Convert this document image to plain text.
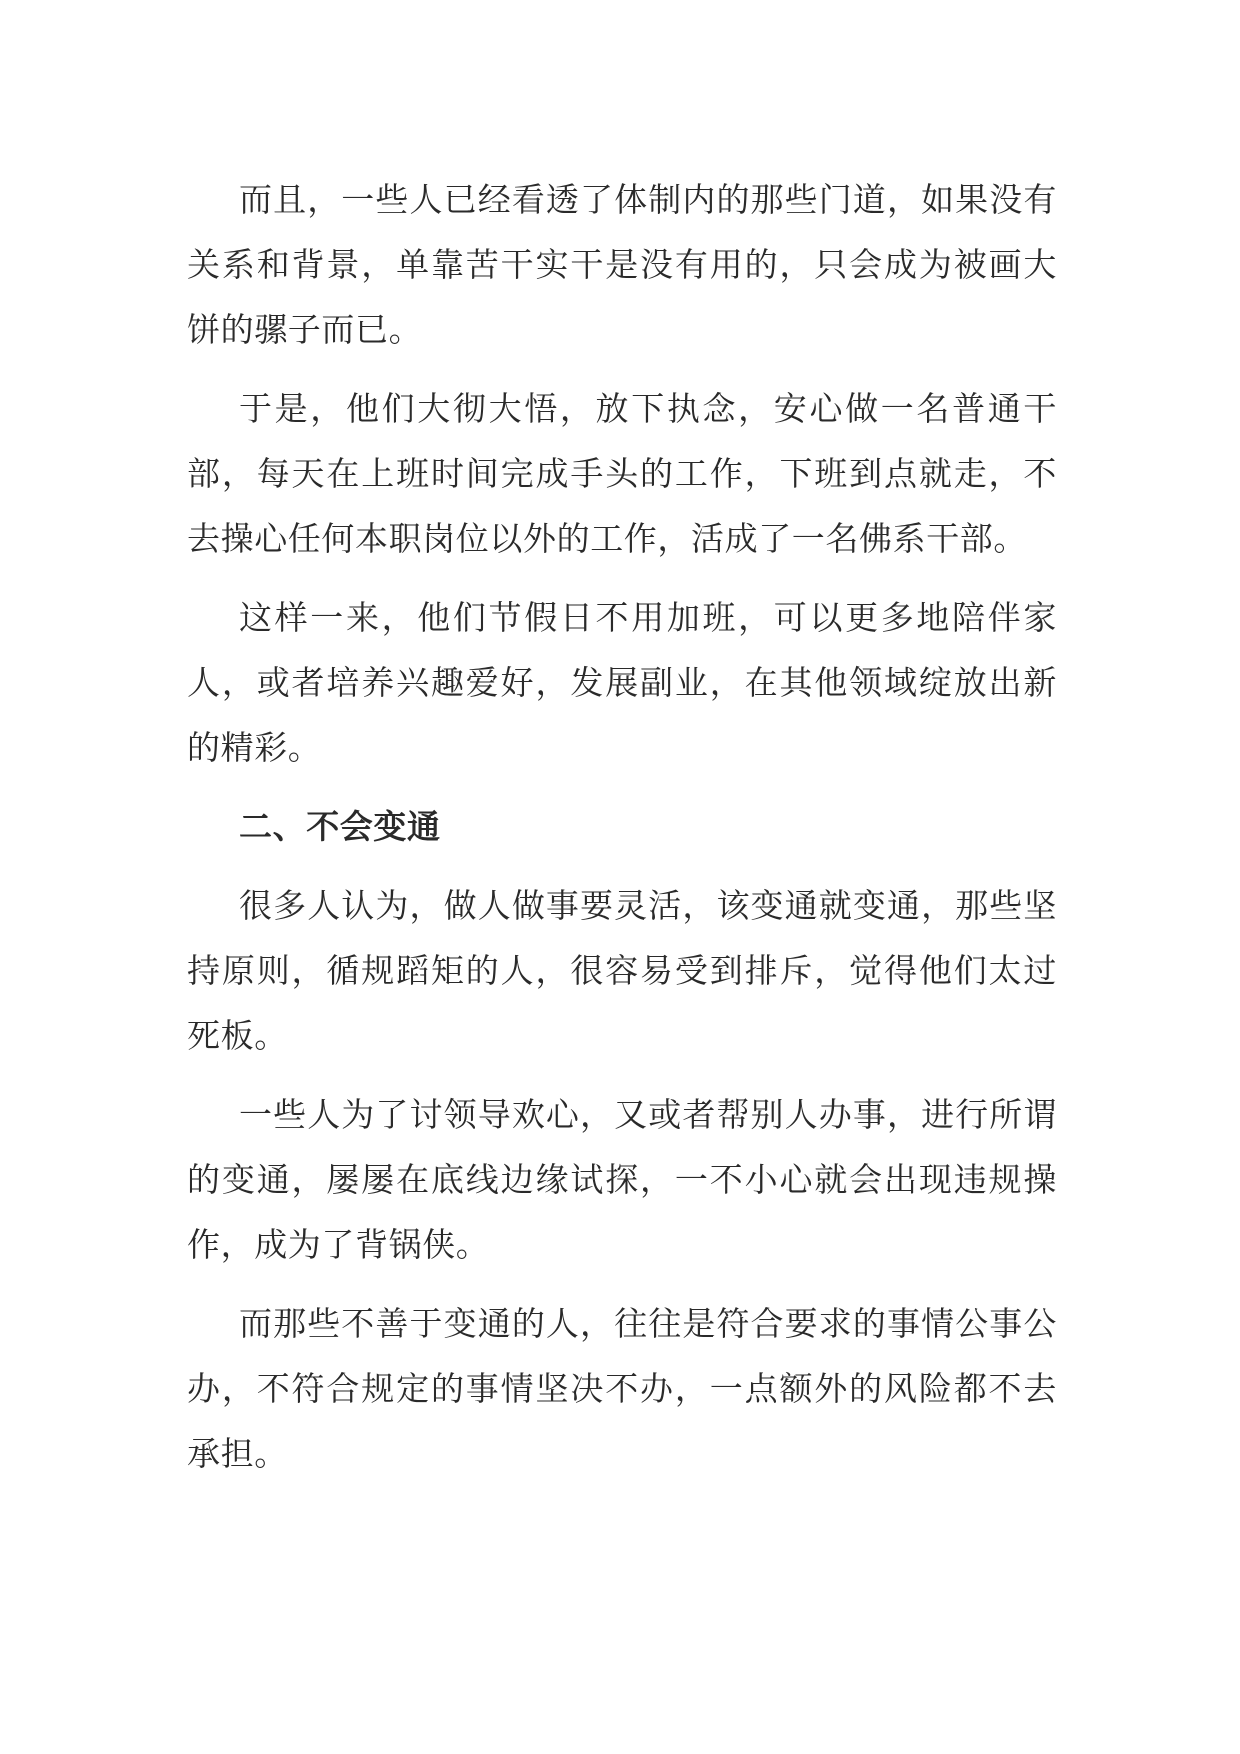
而且，一些人已经看透了体制内的那些门道，如果没有关系和背景，单靠苦干实干是没有用的，只会成为被画大饼的骡子而已。

于是，他们大彻大悟，放下执念，安心做一名普通干部，每天在上班时间完成手头的工作，下班到点就走，不去操心任何本职岗位以外的工作，活成了一名佛系干部。

这样一来，他们节假日不用加班，可以更多地陪伴家人，或者培养兴趣爱好，发展副业，在其他领域绽放出新的精彩。

二、不会变通

很多人认为，做人做事要灵活，该变通就变通，那些坚持原则，循规蹈矩的人，很容易受到排斥，觉得他们太过死板。

一些人为了讨领导欢心，又或者帮别人办事，进行所谓的变通，屡屡在底线边缘试探，一不小心就会出现违规操作，成为了背锅侠。

而那些不善于变通的人，往往是符合要求的事情公事公办，不符合规定的事情坚决不办，一点额外的风险都不去承担。
